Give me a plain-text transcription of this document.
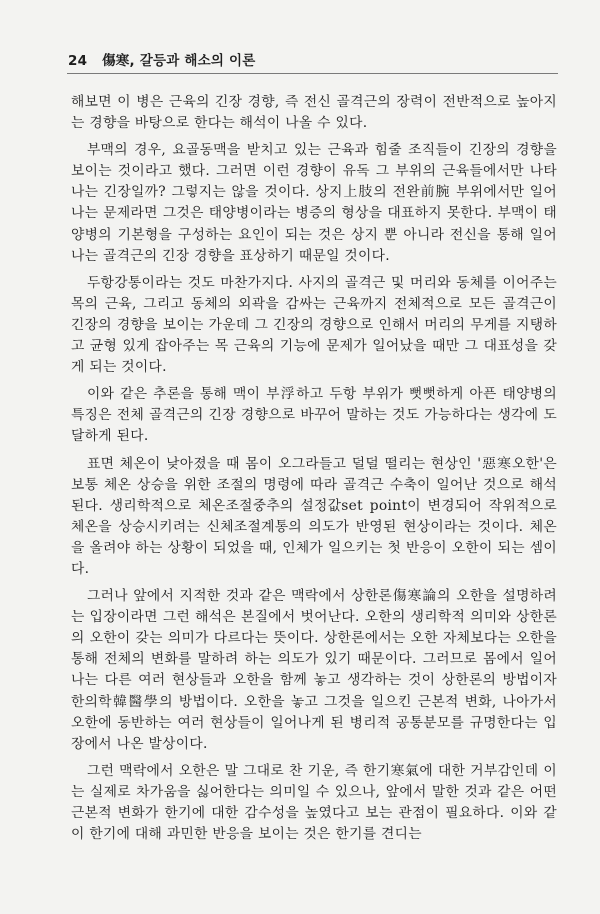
24 傷寒, 갈등과 해소의 이론

해보면 이 병은 근육의 긴장 경향, 즉 전신 골격근의 장력이 전반적으로 높아지는 경향을 바탕으로 한다는 해석이 나올 수 있다.

부맥의 경우, 요골동맥을 받치고 있는 근육과 힘줄 조직들이 긴장의 경향을 보이는 것이라고 했다. 그러면 이런 경향이 유독 그 부위의 근육들에서만 나타나는 긴장일까? 그렇지는 않을 것이다. 상지上肢의 전완前腕 부위에서만 일어나는 문제라면 그것은 태양병이라는 병증의 형상을 대표하지 못한다. 부맥이 태양병의 기본형을 구성하는 요인이 되는 것은 상지 뿐 아니라 전신을 통해 일어나는 골격근의 긴장 경향을 표상하기 때문일 것이다.

두항강통이라는 것도 마찬가지다. 사지의 골격근 및 머리와 동체를 이어주는 목의 근육, 그리고 동체의 외곽을 감싸는 근육까지 전체적으로 모든 골격근이 긴장의 경향을 보이는 가운데 그 긴장의 경향으로 인해서 머리의 무게를 지탱하고 균형 있게 잡아주는 목 근육의 기능에 문제가 일어났을 때만 그 대표성을 갖게 되는 것이다.

이와 같은 추론을 통해 맥이 부浮하고 두항 부위가 뻣뻣하게 아픈 태양병의 특징은 전체 골격근의 긴장 경향으로 바꾸어 말하는 것도 가능하다는 생각에 도달하게 된다.

표면 체온이 낮아졌을 때 몸이 오그라들고 덜덜 떨리는 현상인 '惡寒오한'은 보통 체온 상승을 위한 조절의 명령에 따라 골격근 수축이 일어난 것으로 해석된다. 생리학적으로 체온조절중추의 설정값set point이 변경되어 작위적으로 체온을 상승시키려는 신체조절계통의 의도가 반영된 현상이라는 것이다. 체온을 올려야 하는 상황이 되었을 때, 인체가 일으키는 첫 반응이 오한이 되는 셈이다.

그러나 앞에서 지적한 것과 같은 맥락에서 상한론傷寒論의 오한을 설명하려는 입장이라면 그런 해석은 본질에서 벗어난다. 오한의 생리학적 의미와 상한론의 오한이 갖는 의미가 다르다는 뜻이다. 상한론에서는 오한 자체보다는 오한을 통해 전체의 변화를 말하려 하는 의도가 있기 때문이다. 그러므로 몸에서 일어나는 다른 여러 현상들과 오한을 함께 놓고 생각하는 것이 상한론의 방법이자 한의학韓醫學의 방법이다. 오한을 놓고 그것을 일으킨 근본적 변화, 나아가서 오한에 동반하는 여러 현상들이 일어나게 된 병리적 공통분모를 규명한다는 입장에서 나온 발상이다.

그런 맥락에서 오한은 말 그대로 찬 기운, 즉 한기寒氣에 대한 거부감인데 이는 실제로 차가움을 싫어한다는 의미일 수 있으나, 앞에서 말한 것과 같은 어떤 근본적 변화가 한기에 대한 감수성을 높였다고 보는 관점이 필요하다. 이와 같이 한기에 대해 과민한 반응을 보이는 것은 한기를 견디는
